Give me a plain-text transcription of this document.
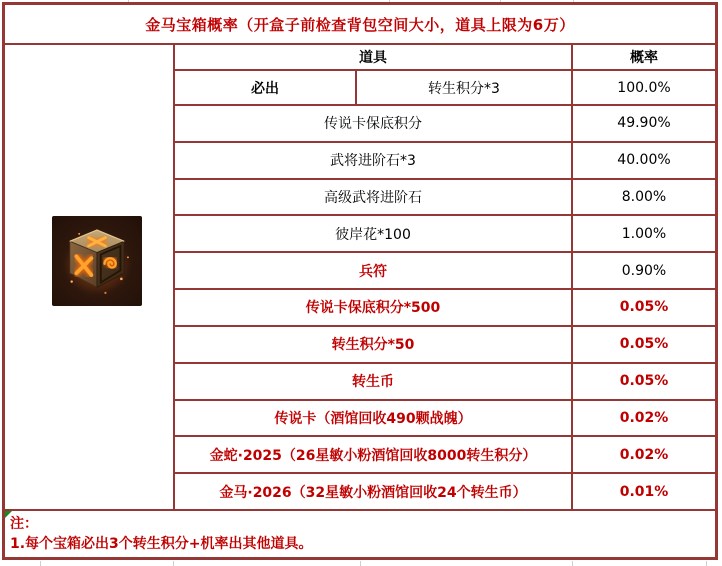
金马宝箱概率（开盒子前检查背包空间大小，道具上限为6万）
道具	概率
必出	转生积分*3	100.0%
传说卡保底积分	49.90%
武将进阶石*3	40.00%
高级武将进阶石	8.00%
彼岸花*100	1.00%
兵符	0.90%
传说卡保底积分*500	0.05%
转生积分*50	0.05%
转生币	0.05%
传说卡（酒馆回收490颗战魄）	0.02%
金蛇·2025（26星敏小粉酒馆回收8000转生积分）	0.02%
金马·2026（32星敏小粉酒馆回收24个转生币）	0.01%
注：
1.每个宝箱必出3个转生积分+机率出其他道具。
